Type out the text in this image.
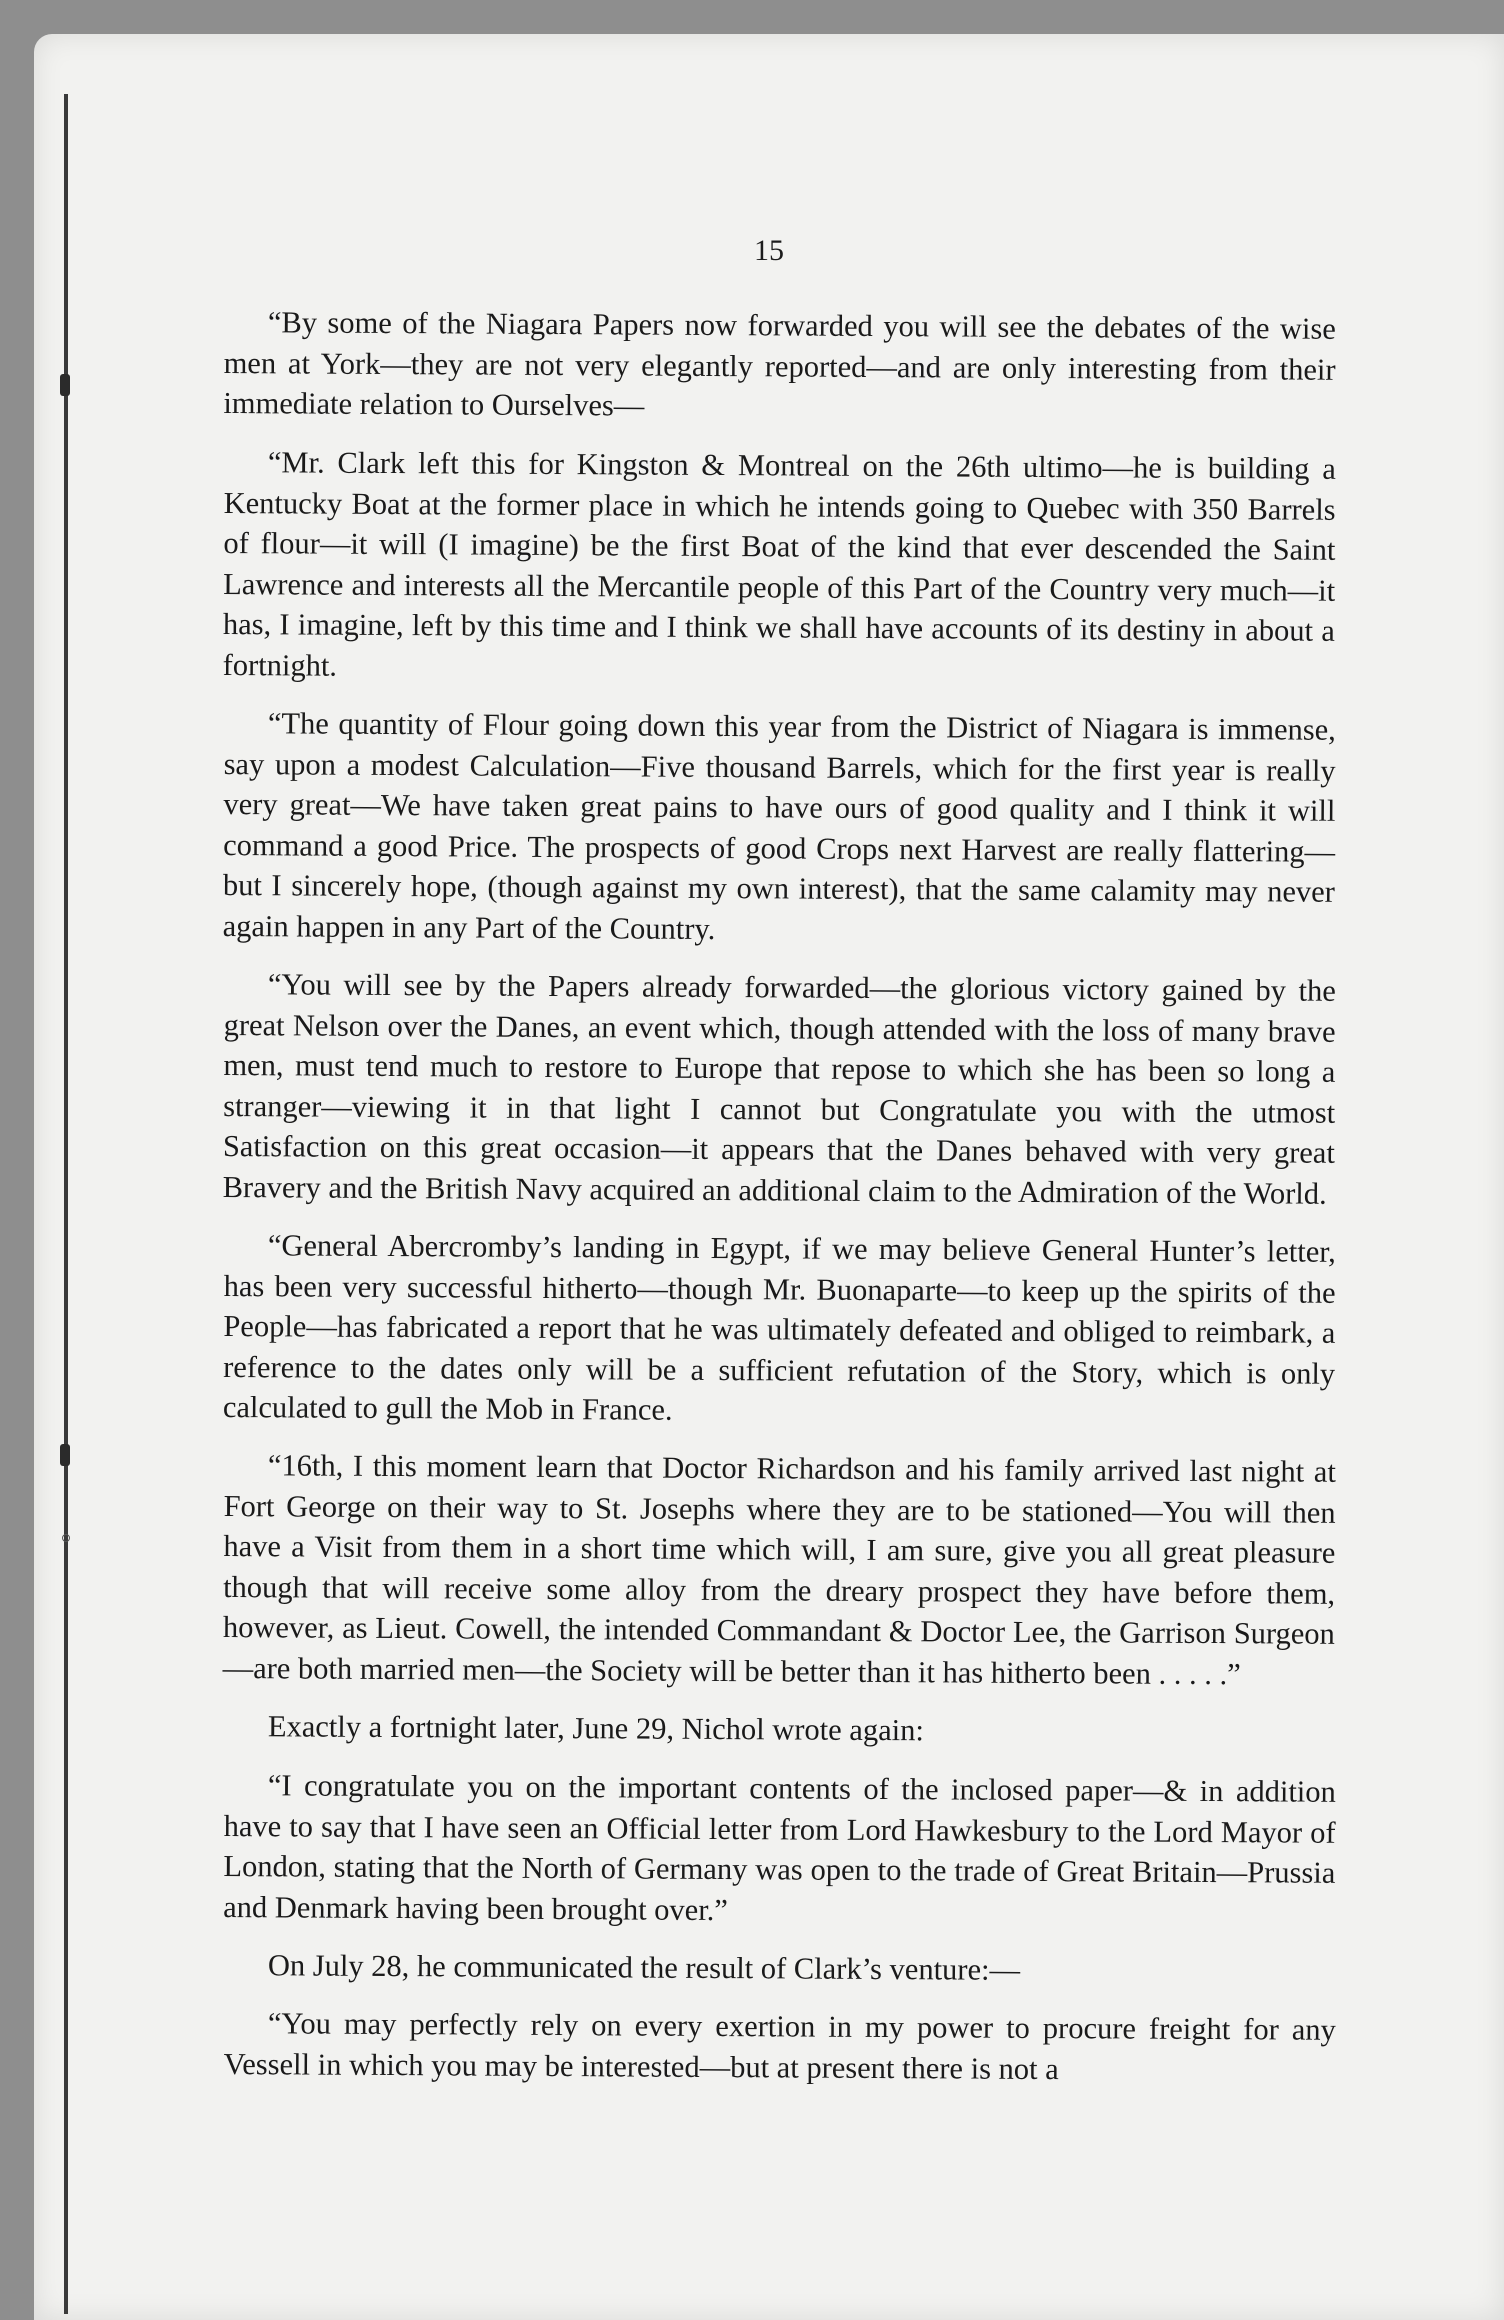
15

“By some of the Niagara Papers now forwarded you will see the debates of the wise men at York—they are not very elegantly reported—and are only interesting from their immediate relation to Ourselves—

“Mr. Clark left this for Kingston & Montreal on the 26th ultimo—he is building a Kentucky Boat at the former place in which he intends going to Quebec with 350 Barrels of flour—it will (I imagine) be the first Boat of the kind that ever descended the Saint Lawrence and interests all the Mercantile people of this Part of the Country very much—it has, I imagine, left by this time and I think we shall have accounts of its destiny in about a fortnight.

“The quantity of Flour going down this year from the District of Niagara is immense, say upon a modest Calculation—Five thousand Barrels, which for the first year is really very great—We have taken great pains to have ours of good quality and I think it will command a good Price. The prospects of good Crops next Harvest are really flattering—but I sincerely hope, (though against my own interest), that the same calamity may never again happen in any Part of the Country.

“You will see by the Papers already forwarded—the glorious victory gained by the great Nelson over the Danes, an event which, though attended with the loss of many brave men, must tend much to restore to Europe that repose to which she has been so long a stranger—viewing it in that light I cannot but Congratulate you with the utmost Satisfaction on this great occasion—it appears that the Danes behaved with very great Bravery and the British Navy acquired an additional claim to the Admiration of the World.

“General Abercromby’s landing in Egypt, if we may believe General Hunter’s letter, has been very successful hitherto—though Mr. Buonaparte—to keep up the spirits of the People—has fabricated a report that he was ultimately defeated and obliged to reimbark, a reference to the dates only will be a sufficient refutation of the Story, which is only calculated to gull the Mob in France.

“16th, I this moment learn that Doctor Richardson and his family arrived last night at Fort George on their way to St. Josephs where they are to be stationed—You will then have a Visit from them in a short time which will, I am sure, give you all great pleasure though that will receive some alloy from the dreary prospect they have before them, however, as Lieut. Cowell, the intended Commandant & Doctor Lee, the Garrison Surgeon—are both married men—the Society will be better than it has hitherto been . . . . .”

Exactly a fortnight later, June 29, Nichol wrote again:

“I congratulate you on the important contents of the inclosed paper—& in addition have to say that I have seen an Official letter from Lord Hawkesbury to the Lord Mayor of London, stating that the North of Germany was open to the trade of Great Britain—Prussia and Denmark having been brought over.”

On July 28, he communicated the result of Clark’s venture:—

“You may perfectly rely on every exertion in my power to procure freight for any Vessell in which you may be interested—but at present there is not a
